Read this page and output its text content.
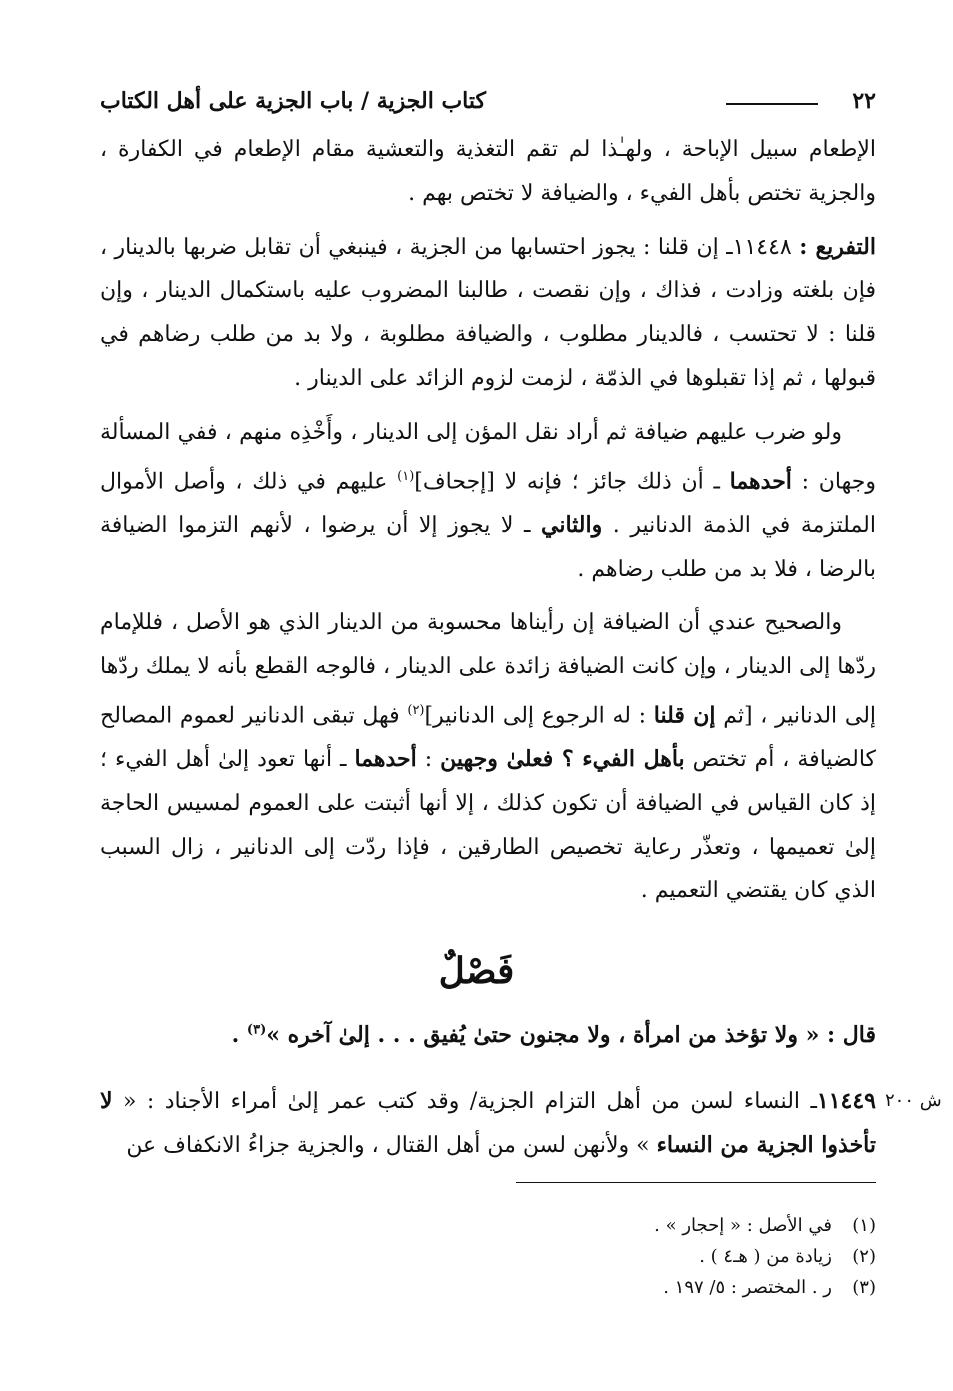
٢٢
كتاب الجزية / باب الجزية على أهل الكتاب

الإطعام سبيل الإباحة ، ولهـٰذا لم تقم التغذية والتعشية مقام الإطعام في الكفارة ، والجزية تختص بأهل الفيء ، والضيافة لا تختص بهم .

التفريع : ١١٤٤٨ـ إن قلنا : يجوز احتسابها من الجزية ، فينبغي أن تقابل ضربها بالدينار ، فإن بلغته وزادت ، فذاك ، وإن نقصت ، طالبنا المضروب عليه باستكمال الدينار ، وإن قلنا : لا تحتسب ، فالدينار مطلوب ، والضيافة مطلوبة ، ولا بد من طلب رضاهم في قبولها ، ثم إذا تقبلوها في الذمّة ، لزمت لزوم الزائد على الدينار .

ولو ضرب عليهم ضيافة ثم أراد نقل المؤن إلى الدينار ، وأَخْذِه منهم ، ففي المسألة وجهان : أحدهما ـ أن ذلك جائز ؛ فإنه لا [إجحاف]$^{(١)}$ عليهم في ذلك ، وأصل الأموال الملتزمة في الذمة الدنانير . والثاني ـ لا يجوز إلا أن يرضوا ، لأنهم التزموا الضيافة بالرضا ، فلا بد من طلب رضاهم .

والصحيح عندي أن الضيافة إن رأيناها محسوبة من الدينار الذي هو الأصل ، فللإمام ردّها إلى الدينار ، وإن كانت الضيافة زائدة على الدينار ، فالوجه القطع بأنه لا يملك ردّها إلى الدنانير ، [ثم إن قلنا : له الرجوع إلى الدنانير]$^{(٢)}$ فهل تبقى الدنانير لعموم المصالح كالضيافة ، أم تختص بأهل الفيء ؟ فعلىٰ وجهين : أحدهما ـ أنها تعود إلىٰ أهل الفيء ؛ إذ كان القياس في الضيافة أن تكون كذلك ، إلا أنها أثبتت على العموم لمسيس الحاجة إلىٰ تعميمها ، وتعذّر رعاية تخصيص الطارقين ، فإذا ردّت إلى الدنانير ، زال السبب الذي كان يقتضي التعميم .

فَصْلٌ
قال : « ولا تؤخذ من امرأة ، ولا مجنون حتىٰ يُفيق . . . إلىٰ آخره »$^{(٣)}$ .
ش ٢٠٠
١١٤٤٩ـ النساء لسن من أهل التزام الجزية/ وقد كتب عمر إلىٰ أمراء الأجناد : « لا تأخذوا الجزية من النساء » ولأنهن لسن من أهل القتال ، والجزية جزاءُ الانكفاف عن
(١)في الأصل : « إحجار » .
(٢)زيادة من ( هـ٤ ) .
(٣)ر . المختصر : ٥/ ١٩٧ .
